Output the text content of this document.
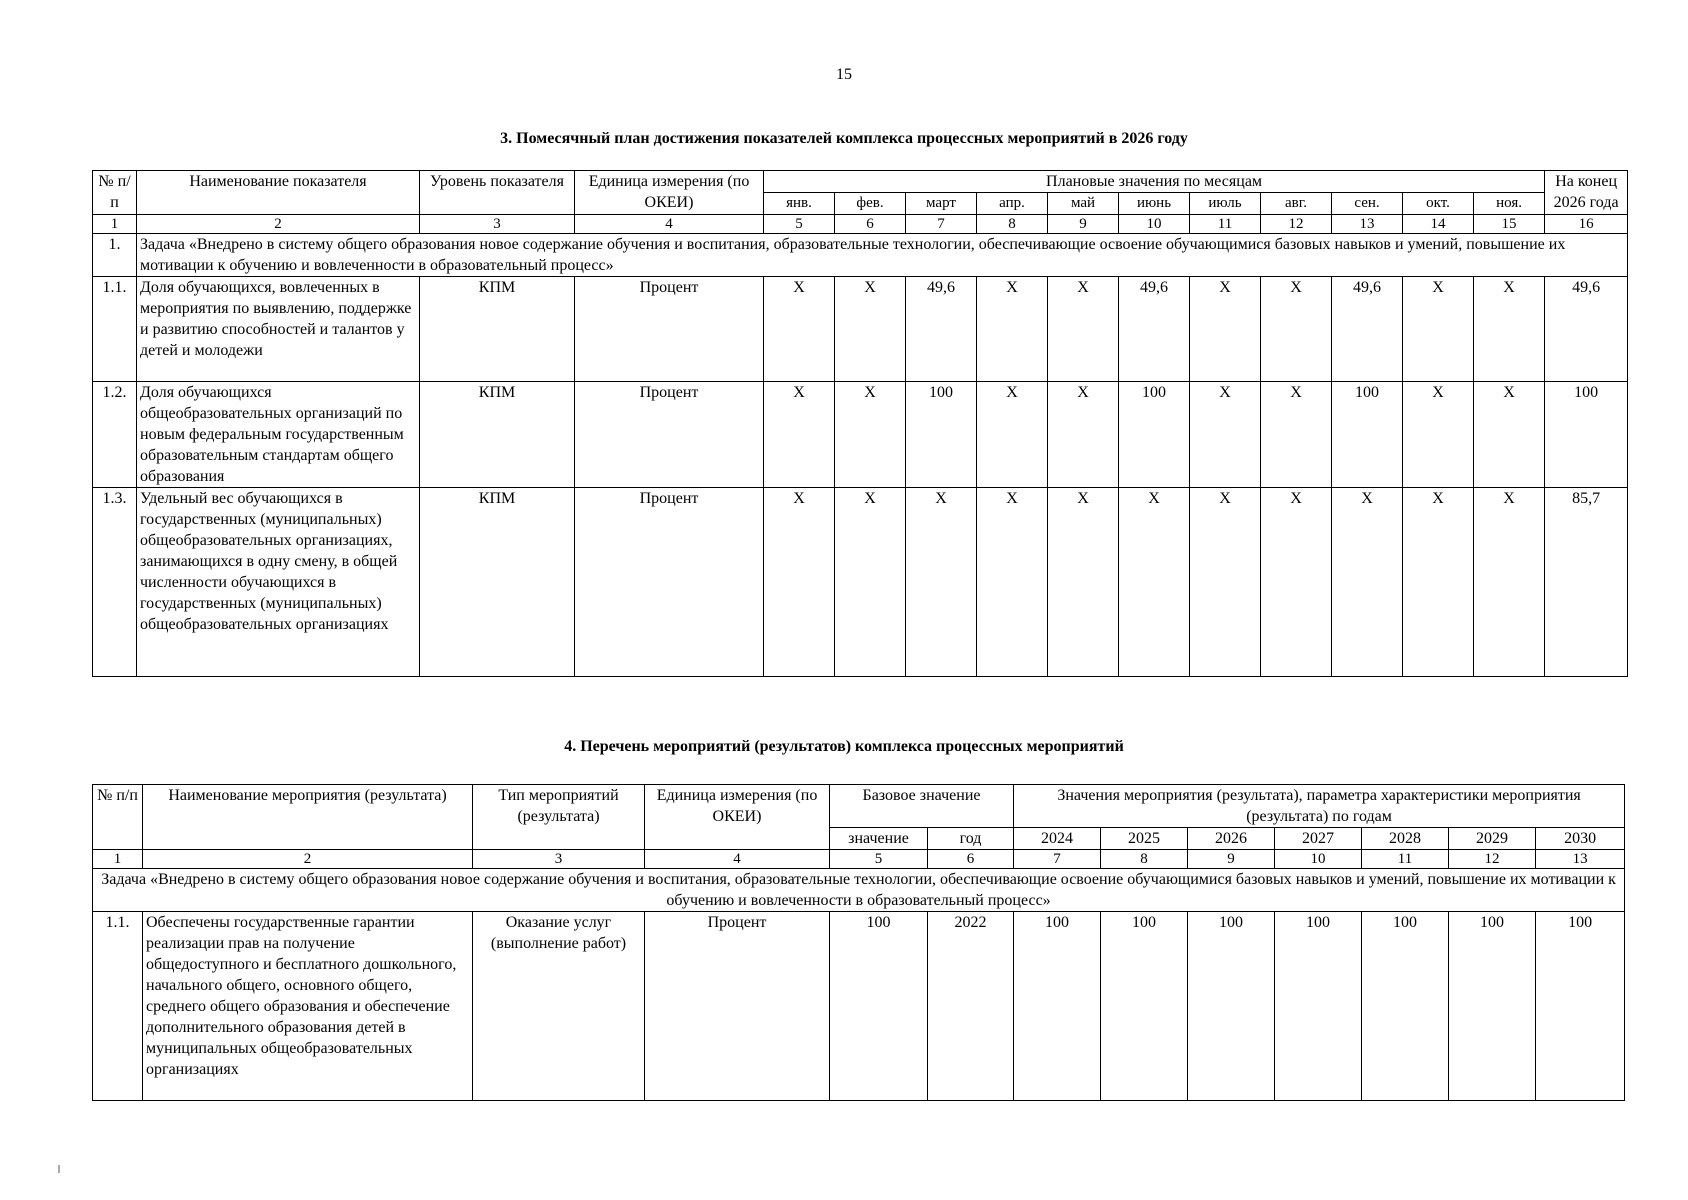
15
3. Помесячный план достижения показателей комплекса процессных мероприятий в 2026 году
№ п/п	Наименование показателя	Уровень показателя	Единица измерения (по ОКЕИ)	Плановые значения по месяцам											На конец 2026 года
				янв.	фев.	март	апр.	май	июнь	июль	авг.	сен.	окт.	ноя.	
1	2	3	4	5	6	7	8	9	10	11	12	13	14	15	16
1.	Задача «Внедрено в систему общего образования новое содержание обучения и воспитания, образовательные технологии, обеспечивающие освоение обучающимися базовых навыков и умений, повышение их мотивации к обучению и вовлеченности в образовательный процесс»														
1.1.	Доля обучающихся, вовлеченных в мероприятия по выявлению, поддержке и развитию способностей и талантов у детей и молодежи	КПМ	Процент	X	X	49,6	X	X	49,6	X	X	49,6	X	X	49,6
1.2.	Доля обучающихся общеобразовательных организаций по новым федеральным государственным образовательным стандартам общего образования	КПМ	Процент	X	X	100	X	X	100	X	X	100	X	X	100
1.3.	Удельный вес обучающихся в государственных (муниципальных) общеобразовательных организациях, занимающихся в одну смену, в общей численности обучающихся в государственных (муниципальных) общеобразовательных организациях	КПМ	Процент	X	X	X	X	X	X	X	X	X	X	X	85,7
4. Перечень мероприятий (результатов) комплекса процессных мероприятий
№ п/п	Наименование мероприятия (результата)	Тип мероприятий (результата)	Единица измерения (по ОКЕИ)	Базовое значение		Значения мероприятия (результата), параметра характеристики мероприятия (результата) по годам						
				значение	год	2024	2025	2026	2027	2028	2029	2030
1	2	3	4	5	6	7	8	9	10	11	12	13
Задача «Внедрено в систему общего образования новое содержание обучения и воспитания, образовательные технологии, обеспечивающие освоение обучающимися базовых навыков и умений, повышение их мотивации к обучению и вовлеченности в образовательный процесс»												
1.1.	Обеспечены государственные гарантии реализации прав на получение общедоступного и бесплатного дошкольного, начального общего, основного общего, среднего общего образования и обеспечение дополнительного образования детей в муниципальных общеобразовательных организациях	Оказание услуг (выполнение работ)	Процент	100	2022	100	100	100	100	100	100	100
